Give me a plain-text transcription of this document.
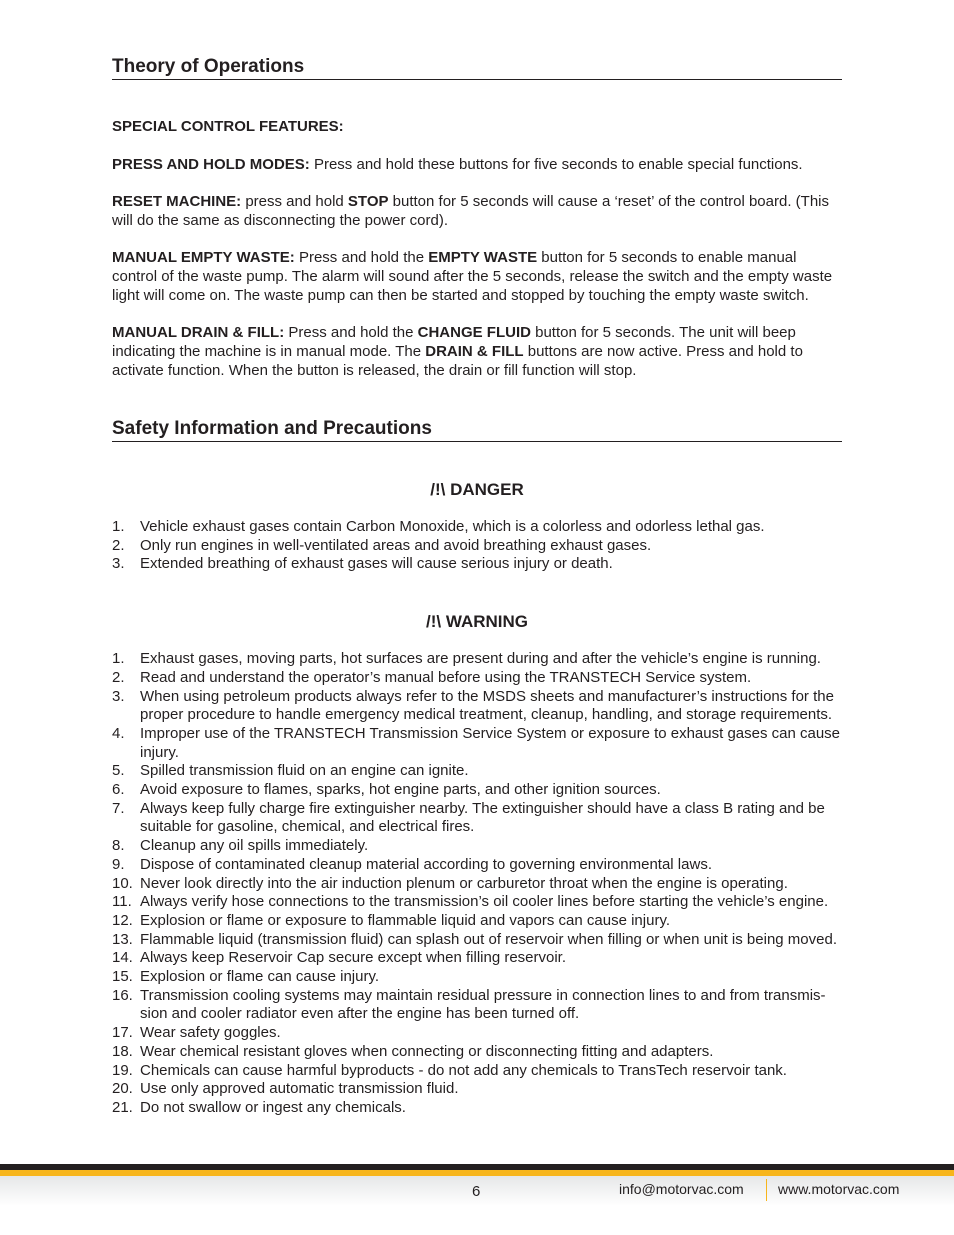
Theory of Operations

SPECIAL CONTROL FEATURES:

PRESS AND HOLD MODES: Press and hold these buttons for five seconds to enable special functions.

RESET MACHINE: press and hold STOP button for 5 seconds will cause a ‘reset’ of the control board. (This will do the same as disconnecting the power cord).

MANUAL EMPTY WASTE: Press and hold the EMPTY WASTE button for 5 seconds to enable manual control of the waste pump. The alarm will sound after the 5 seconds, release the switch and the empty waste light will come on. The waste pump can then be started and stopped by touching the empty waste switch.

MANUAL DRAIN & FILL: Press and hold the CHANGE FLUID button for 5 seconds. The unit will beep indicating the machine is in manual mode. The DRAIN & FILL buttons are now active. Press and hold to activate function. When the button is released, the drain or fill function will stop.

Safety Information and Precautions
/!\ DANGER
1. Vehicle exhaust gases contain Carbon Monoxide, which is a colorless and odorless lethal gas.
2. Only run engines in well-ventilated areas and avoid breathing exhaust gases.
3. Extended breathing of exhaust gases will cause serious injury or death.
/!\ WARNING
1. Exhaust gases, moving parts, hot surfaces are present during and after the vehicle’s engine is running.
2. Read and understand the operator’s manual before using the TRANSTECH Service system.
3. When using petroleum products always refer to the MSDS sheets and manufacturer’s instructions for the proper procedure to handle emergency medical treatment, cleanup, handling, and storage requirements.
4. Improper use of the TRANSTECH Transmission Service System or exposure to exhaust gases can cause injury.
5. Spilled transmission fluid on an engine can ignite.
6. Avoid exposure to flames, sparks, hot engine parts, and other ignition sources.
7. Always keep fully charge fire extinguisher nearby. The extinguisher should have a class B rating and be suitable for gasoline, chemical, and electrical fires.
8. Cleanup any oil spills immediately.
9. Dispose of contaminated cleanup material according to governing environmental laws.
10. Never look directly into the air induction plenum or carburetor throat when the engine is operating.
11. Always verify hose connections to the transmission’s oil cooler lines before starting the vehicle’s engine.
12. Explosion or flame or exposure to flammable liquid and vapors can cause injury.
13. Flammable liquid (transmission fluid) can splash out of reservoir when filling or when unit is being moved.
14. Always keep Reservoir Cap secure except when filling reservoir.
15. Explosion or flame can cause injury.
16. Transmission cooling systems may maintain residual pressure in connection lines to and from transmis- sion and cooler radiator even after the engine has been turned off.
17. Wear safety goggles.
18. Wear chemical resistant gloves when connecting or disconnecting fitting and adapters.
19. Chemicals can cause harmful byproducts - do not add any chemicals to TransTech reservoir tank.
20. Use only approved automatic transmission fluid.
21. Do not swallow or ingest any chemicals.
6	info@motorvac.com www.motorvac.com
